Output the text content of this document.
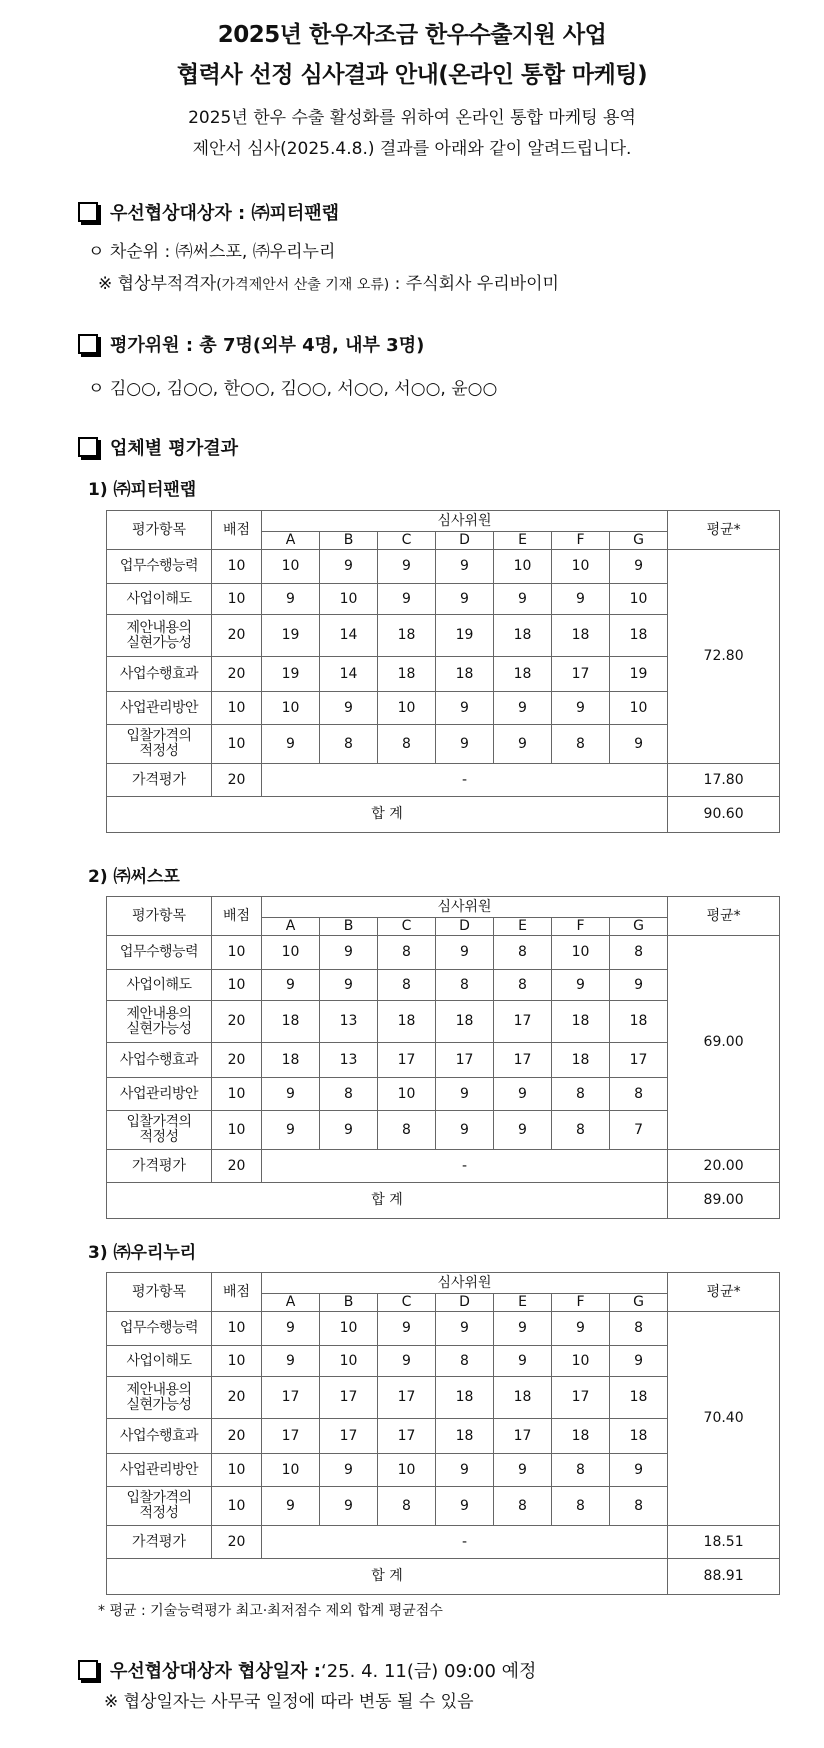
2025년 한우자조금 한우수출지원 사업
협력사 선정 심사결과 안내(온라인 통합 마케팅)
2025년 한우 수출 활성화를 위하여 온라인 통합 마케팅 용역
제안서 심사(2025.4.8.) 결과를 아래와 같이 알려드립니다.
우선협상대상자 : ㈜피터팬랩
ㅇ 차순위 : ㈜써스포, ㈜우리누리
※ 협상부적격자(가격제안서 산출 기재 오류) : 주식회사 우리바이미
평가위원 : 총 7명(외부 4명, 내부 3명)
ㅇ 김○○, 김○○, 한○○, 김○○, 서○○, 서○○, 윤○○
업체별 평가결과
1) ㈜피터팬랩
평가항목	배점	심사위원							평균*
		A	B	C	D	E	F	G	
업무수행능력	10	10	9	9	9	10	10	9	72.80
사업이해도	10	9	10	9	9	9	9	10	
제안내용의
실현가능성	20	19	14	18	19	18	18	18	
사업수행효과	20	19	14	18	18	18	17	19	
사업관리방안	10	10	9	10	9	9	9	10	
입찰가격의
적정성	10	9	8	8	9	9	8	9	
가격평가	20	-							17.80
합 계									90.60
2) ㈜써스포
평가항목	배점	심사위원							평균*
		A	B	C	D	E	F	G	
업무수행능력	10	10	9	8	9	8	10	8	69.00
사업이해도	10	9	9	8	8	8	9	9	
제안내용의
실현가능성	20	18	13	18	18	17	18	18	
사업수행효과	20	18	13	17	17	17	18	17	
사업관리방안	10	9	8	10	9	9	8	8	
입찰가격의
적정성	10	9	9	8	9	9	8	7	
가격평가	20	-							20.00
합 계									89.00
3) ㈜우리누리
평가항목	배점	심사위원							평균*
		A	B	C	D	E	F	G	
업무수행능력	10	9	10	9	9	9	9	8	70.40
사업이해도	10	9	10	9	8	9	10	9	
제안내용의
실현가능성	20	17	17	17	18	18	17	18	
사업수행효과	20	17	17	17	18	17	18	18	
사업관리방안	10	10	9	10	9	9	8	9	
입찰가격의
적정성	10	9	9	8	9	8	8	8	
가격평가	20	-							18.51
합 계									88.91
* 평균 : 기술능력평가 최고·최저점수 제외 합계 평균점수
우선협상대상자 협상일자 : ‘25. 4. 11(금) 09:00 예정
※ 협상일자는 사무국 일정에 따라 변동 될 수 있음
